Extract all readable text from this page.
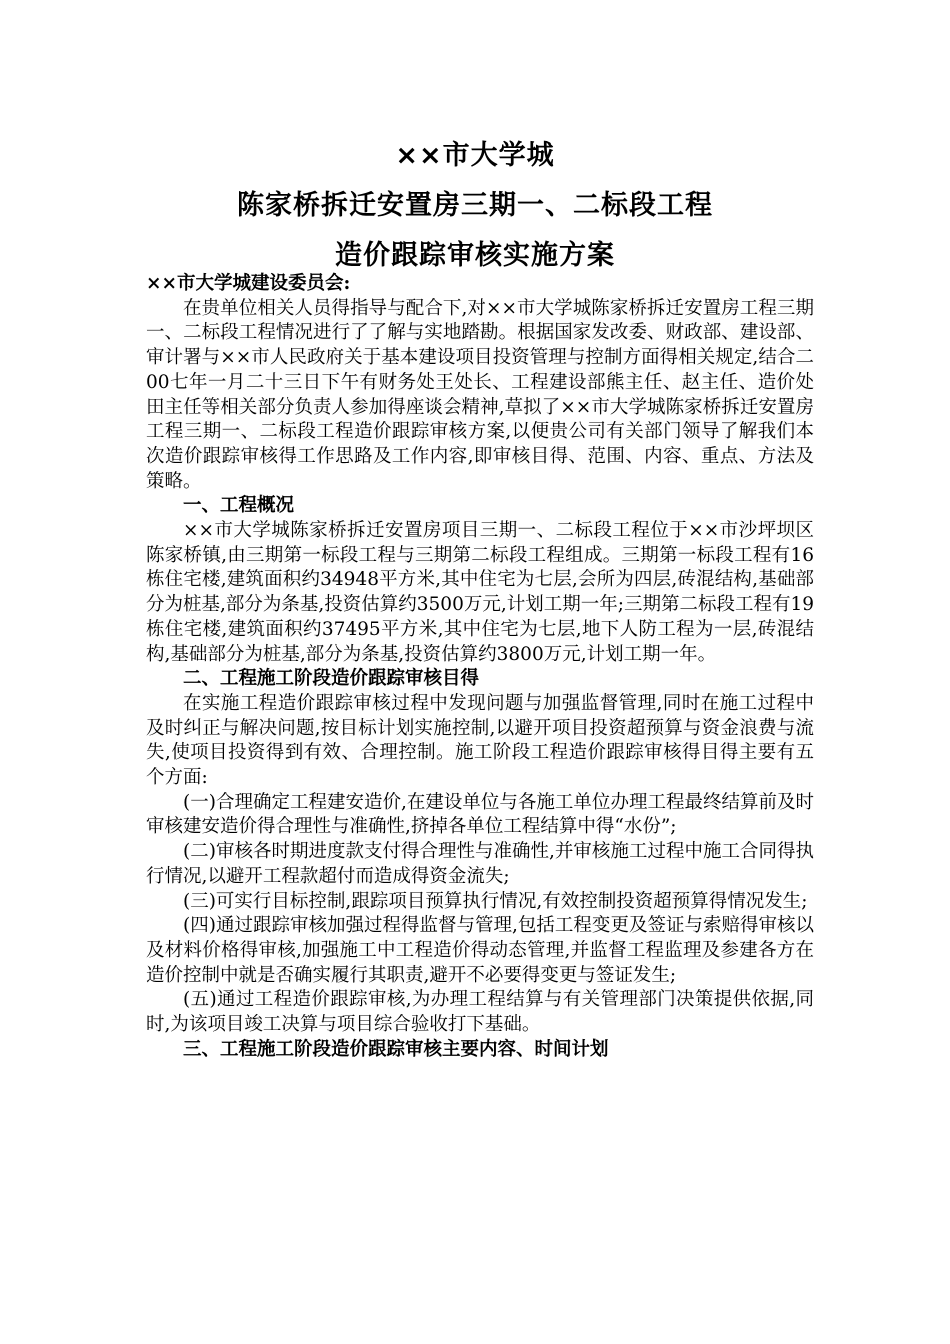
××市大学城
陈家桥拆迁安置房三期一、二标段工程
造价跟踪审核实施方案

××市大学城建设委员会:

在贵单位相关人员得指导与配合下,对××市大学城陈家桥拆迁安置房工程三期一、二标段工程情况进行了了解与实地踏勘。根据国家发改委、财政部、建设部、审计署与××市人民政府关于基本建设项目投资管理与控制方面得相关规定,结合二00七年一月二十三日下午有财务处王处长、工程建设部熊主任、赵主任、造价处田主任等相关部分负责人参加得座谈会精神,草拟了××市大学城陈家桥拆迁安置房工程三期一、二标段工程造价跟踪审核方案,以便贵公司有关部门领导了解我们本次造价跟踪审核得工作思路及工作内容,即审核目得、范围、内容、重点、方法及策略。

一、工程概况

××市大学城陈家桥拆迁安置房项目三期一、二标段工程位于××市沙坪坝区陈家桥镇,由三期第一标段工程与三期第二标段工程组成。三期第一标段工程有16栋住宅楼,建筑面积约34948平方米,其中住宅为七层,会所为四层,砖混结构,基础部分为桩基,部分为条基,投资估算约3500万元,计划工期一年;三期第二标段工程有19栋住宅楼,建筑面积约37495平方米,其中住宅为七层,地下人防工程为一层,砖混结构,基础部分为桩基,部分为条基,投资估算约3800万元,计划工期一年。

二、工程施工阶段造价跟踪审核目得

在实施工程造价跟踪审核过程中发现问题与加强监督管理,同时在施工过程中及时纠正与解决问题,按目标计划实施控制,以避开项目投资超预算与资金浪费与流失,使项目投资得到有效、合理控制。施工阶段工程造价跟踪审核得目得主要有五个方面:

(一)合理确定工程建安造价,在建设单位与各施工单位办理工程最终结算前及时审核建安造价得合理性与准确性,挤掉各单位工程结算中得“水份”;

(二)审核各时期进度款支付得合理性与准确性,并审核施工过程中施工合同得执行情况,以避开工程款超付而造成得资金流失;

(三)可实行目标控制,跟踪项目预算执行情况,有效控制投资超预算得情况发生;

(四)通过跟踪审核加强过程得监督与管理,包括工程变更及签证与索赔得审核以及材料价格得审核,加强施工中工程造价得动态管理,并监督工程监理及参建各方在造价控制中就是否确实履行其职责,避开不必要得变更与签证发生;

(五)通过工程造价跟踪审核,为办理工程结算与有关管理部门决策提供依据,同时,为该项目竣工决算与项目综合验收打下基础。

三、工程施工阶段造价跟踪审核主要内容、时间计划
